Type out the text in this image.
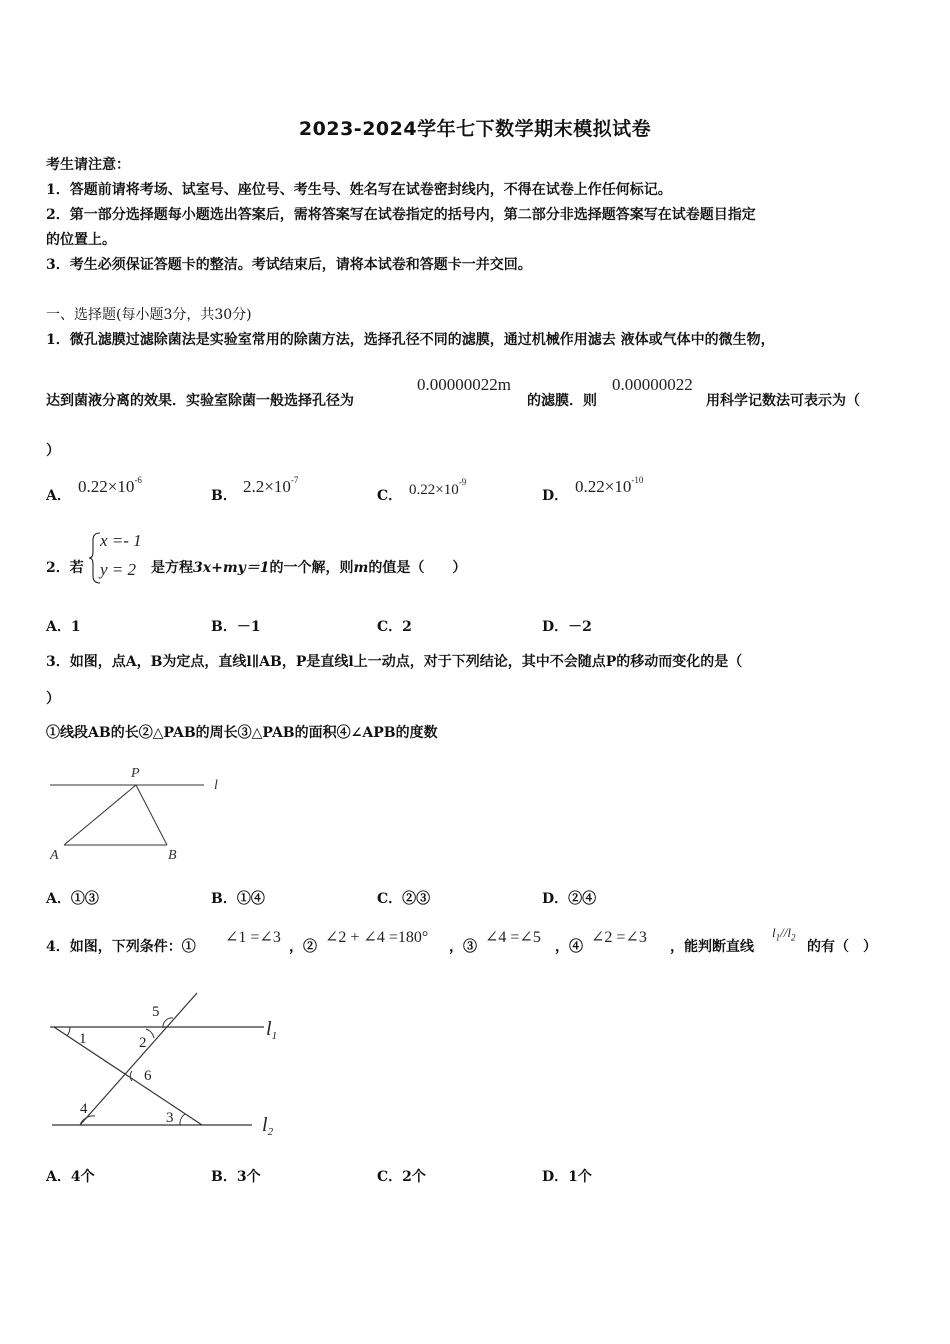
2023-2024学年七下数学期末模拟试卷
考生请注意：
1．答题前请将考场、试室号、座位号、考生号、姓名写在试卷密封线内，不得在试卷上作任何标记。
2．第一部分选择题每小题选出答案后，需将答案写在试卷指定的括号内，第二部分非选择题答案写在试卷题目指定
的位置上。
3．考生必须保证答题卡的整洁。考试结束后，请将本试卷和答题卡一并交回。
一、选择题(每小题3分，共30分)
1．微孔滤膜过滤除菌法是实验室常用的除菌方法，选择孔径不同的滤膜，通过机械作用滤去 液体或气体中的微生物，
达到菌液分离的效果．实验室除菌一般选择孔径为
0.00000022m
的滤膜．则
0.00000022
用科学记数法可表示为（
）
A． $0.22\times 10^{-6}$
B． $2.2\times 10^{-7}$
C． $0.22\times 10^{-9}$
D． $0.22\times 10^{-10}$
2．若
x =- 1
y = 2 是方程3x+my＝1的一个解，则m的值是（　　）
A．1	B．－1	C．2	D．－2
3．如图，点A，B为定点，直线l∥AB，P是直线l上一动点，对于下列结论，其中不会随点P的移动而变化的是（
）
①线段AB的长②△PAB的周长③△PAB的面积④∠APB的度数
P
l
A	B
A．①③	B．①④	C．②③	D．②④
4．如图，下列条件：①
∠1 =∠3
，②
∠2 + ∠4 =180°
，③
∠4 =∠5
，④
∠2 =∠3
，能判断直线
$l_1//l_2$
的有（　）
1	2
3
4
5
6
$l_1$
$l_2$
A．4个	B．3个	C．2个	D．1个
